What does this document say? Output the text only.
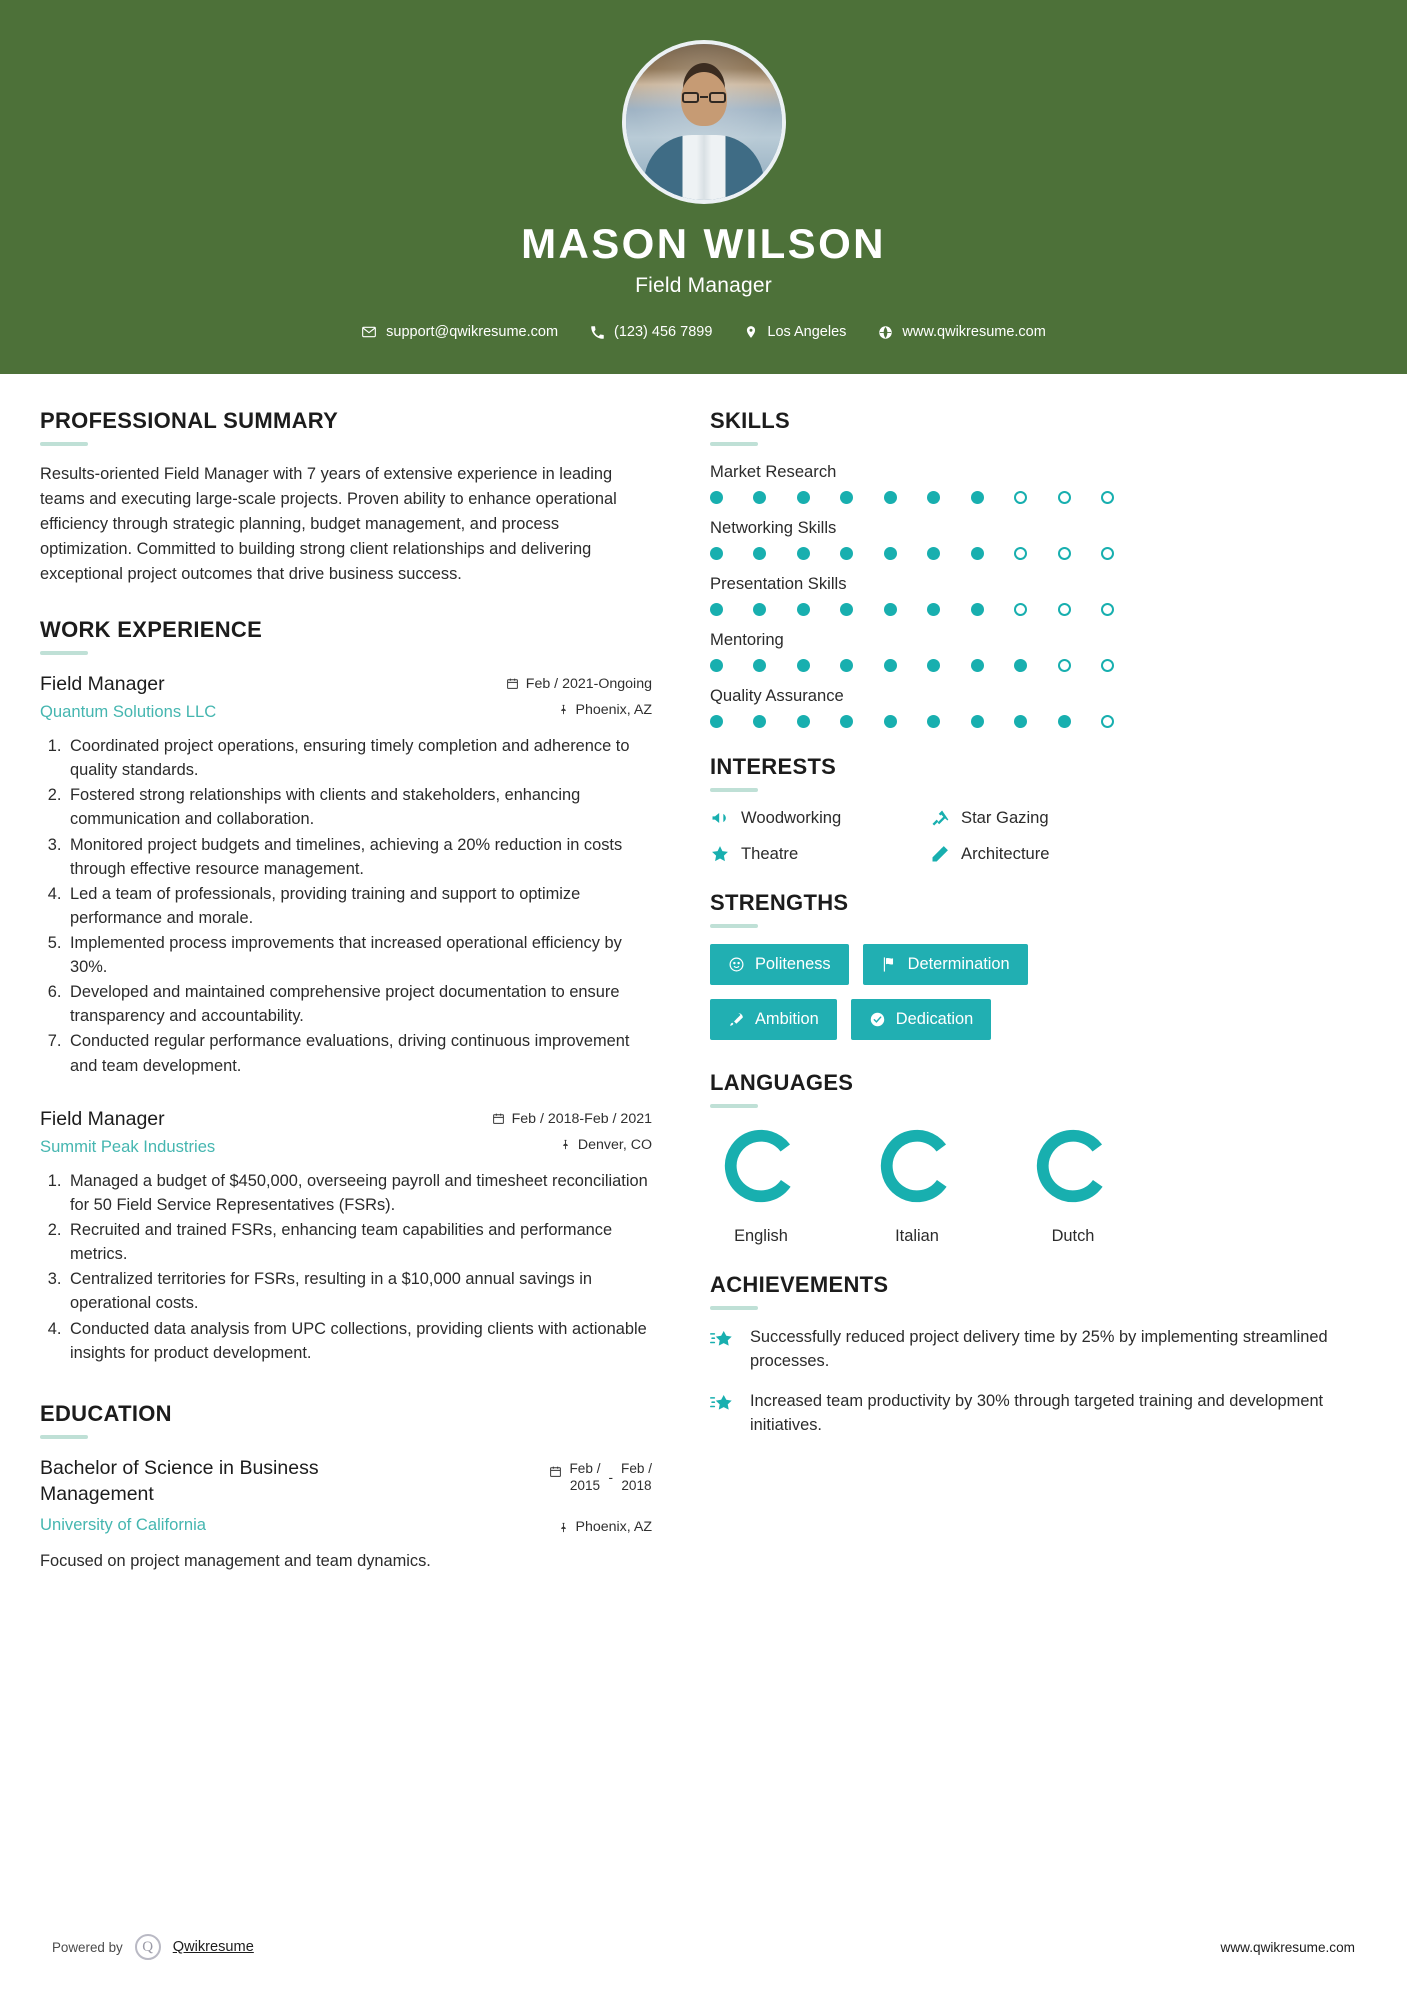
MASON WILSON
Field Manager
support@qwikresume.com	(123) 456 7899	Los Angeles	www.qwikresume.com
PROFESSIONAL SUMMARY
Results-oriented Field Manager with 7 years of extensive experience in leading teams and executing large-scale projects. Proven ability to enhance operational efficiency through strategic planning, budget management, and process optimization. Committed to building strong client relationships and delivering exceptional project outcomes that drive business success.
WORK EXPERIENCE
Field Manager
Quantum Solutions LLC
Feb / 2021-Ongoing
Phoenix, AZ
1. Coordinated project operations, ensuring timely completion and adherence to quality standards.
2. Fostered strong relationships with clients and stakeholders, enhancing communication and collaboration.
3. Monitored project budgets and timelines, achieving a 20% reduction in costs through effective resource management.
4. Led a team of professionals, providing training and support to optimize performance and morale.
5. Implemented process improvements that increased operational efficiency by 30%.
6. Developed and maintained comprehensive project documentation to ensure transparency and accountability.
7. Conducted regular performance evaluations, driving continuous improvement and team development.
Field Manager
Summit Peak Industries
Feb / 2018-Feb / 2021
Denver, CO
1. Managed a budget of $450,000, overseeing payroll and timesheet reconciliation for 50 Field Service Representatives (FSRs).
2. Recruited and trained FSRs, enhancing team capabilities and performance metrics.
3. Centralized territories for FSRs, resulting in a $10,000 annual savings in operational costs.
4. Conducted data analysis from UPC collections, providing clients with actionable insights for product development.
EDUCATION
Bachelor of Science in Business Management
Feb /
2015
-
Feb /
2018
University of California	Phoenix, AZ
Focused on project management and team dynamics.
SKILLS
Market Research
Networking Skills
Presentation Skills
Mentoring
Quality Assurance
INTERESTS
Woodworking	Star Gazing
Theatre	Architecture
STRENGTHS
Politeness	Determination
Ambition	Dedication
LANGUAGES
English	Italian	Dutch
ACHIEVEMENTS
Successfully reduced project delivery time by 25% by implementing streamlined processes.
Increased team productivity by 30% through targeted training and development initiatives.
Powered by	Q	Qwikresume	www.qwikresume.com
